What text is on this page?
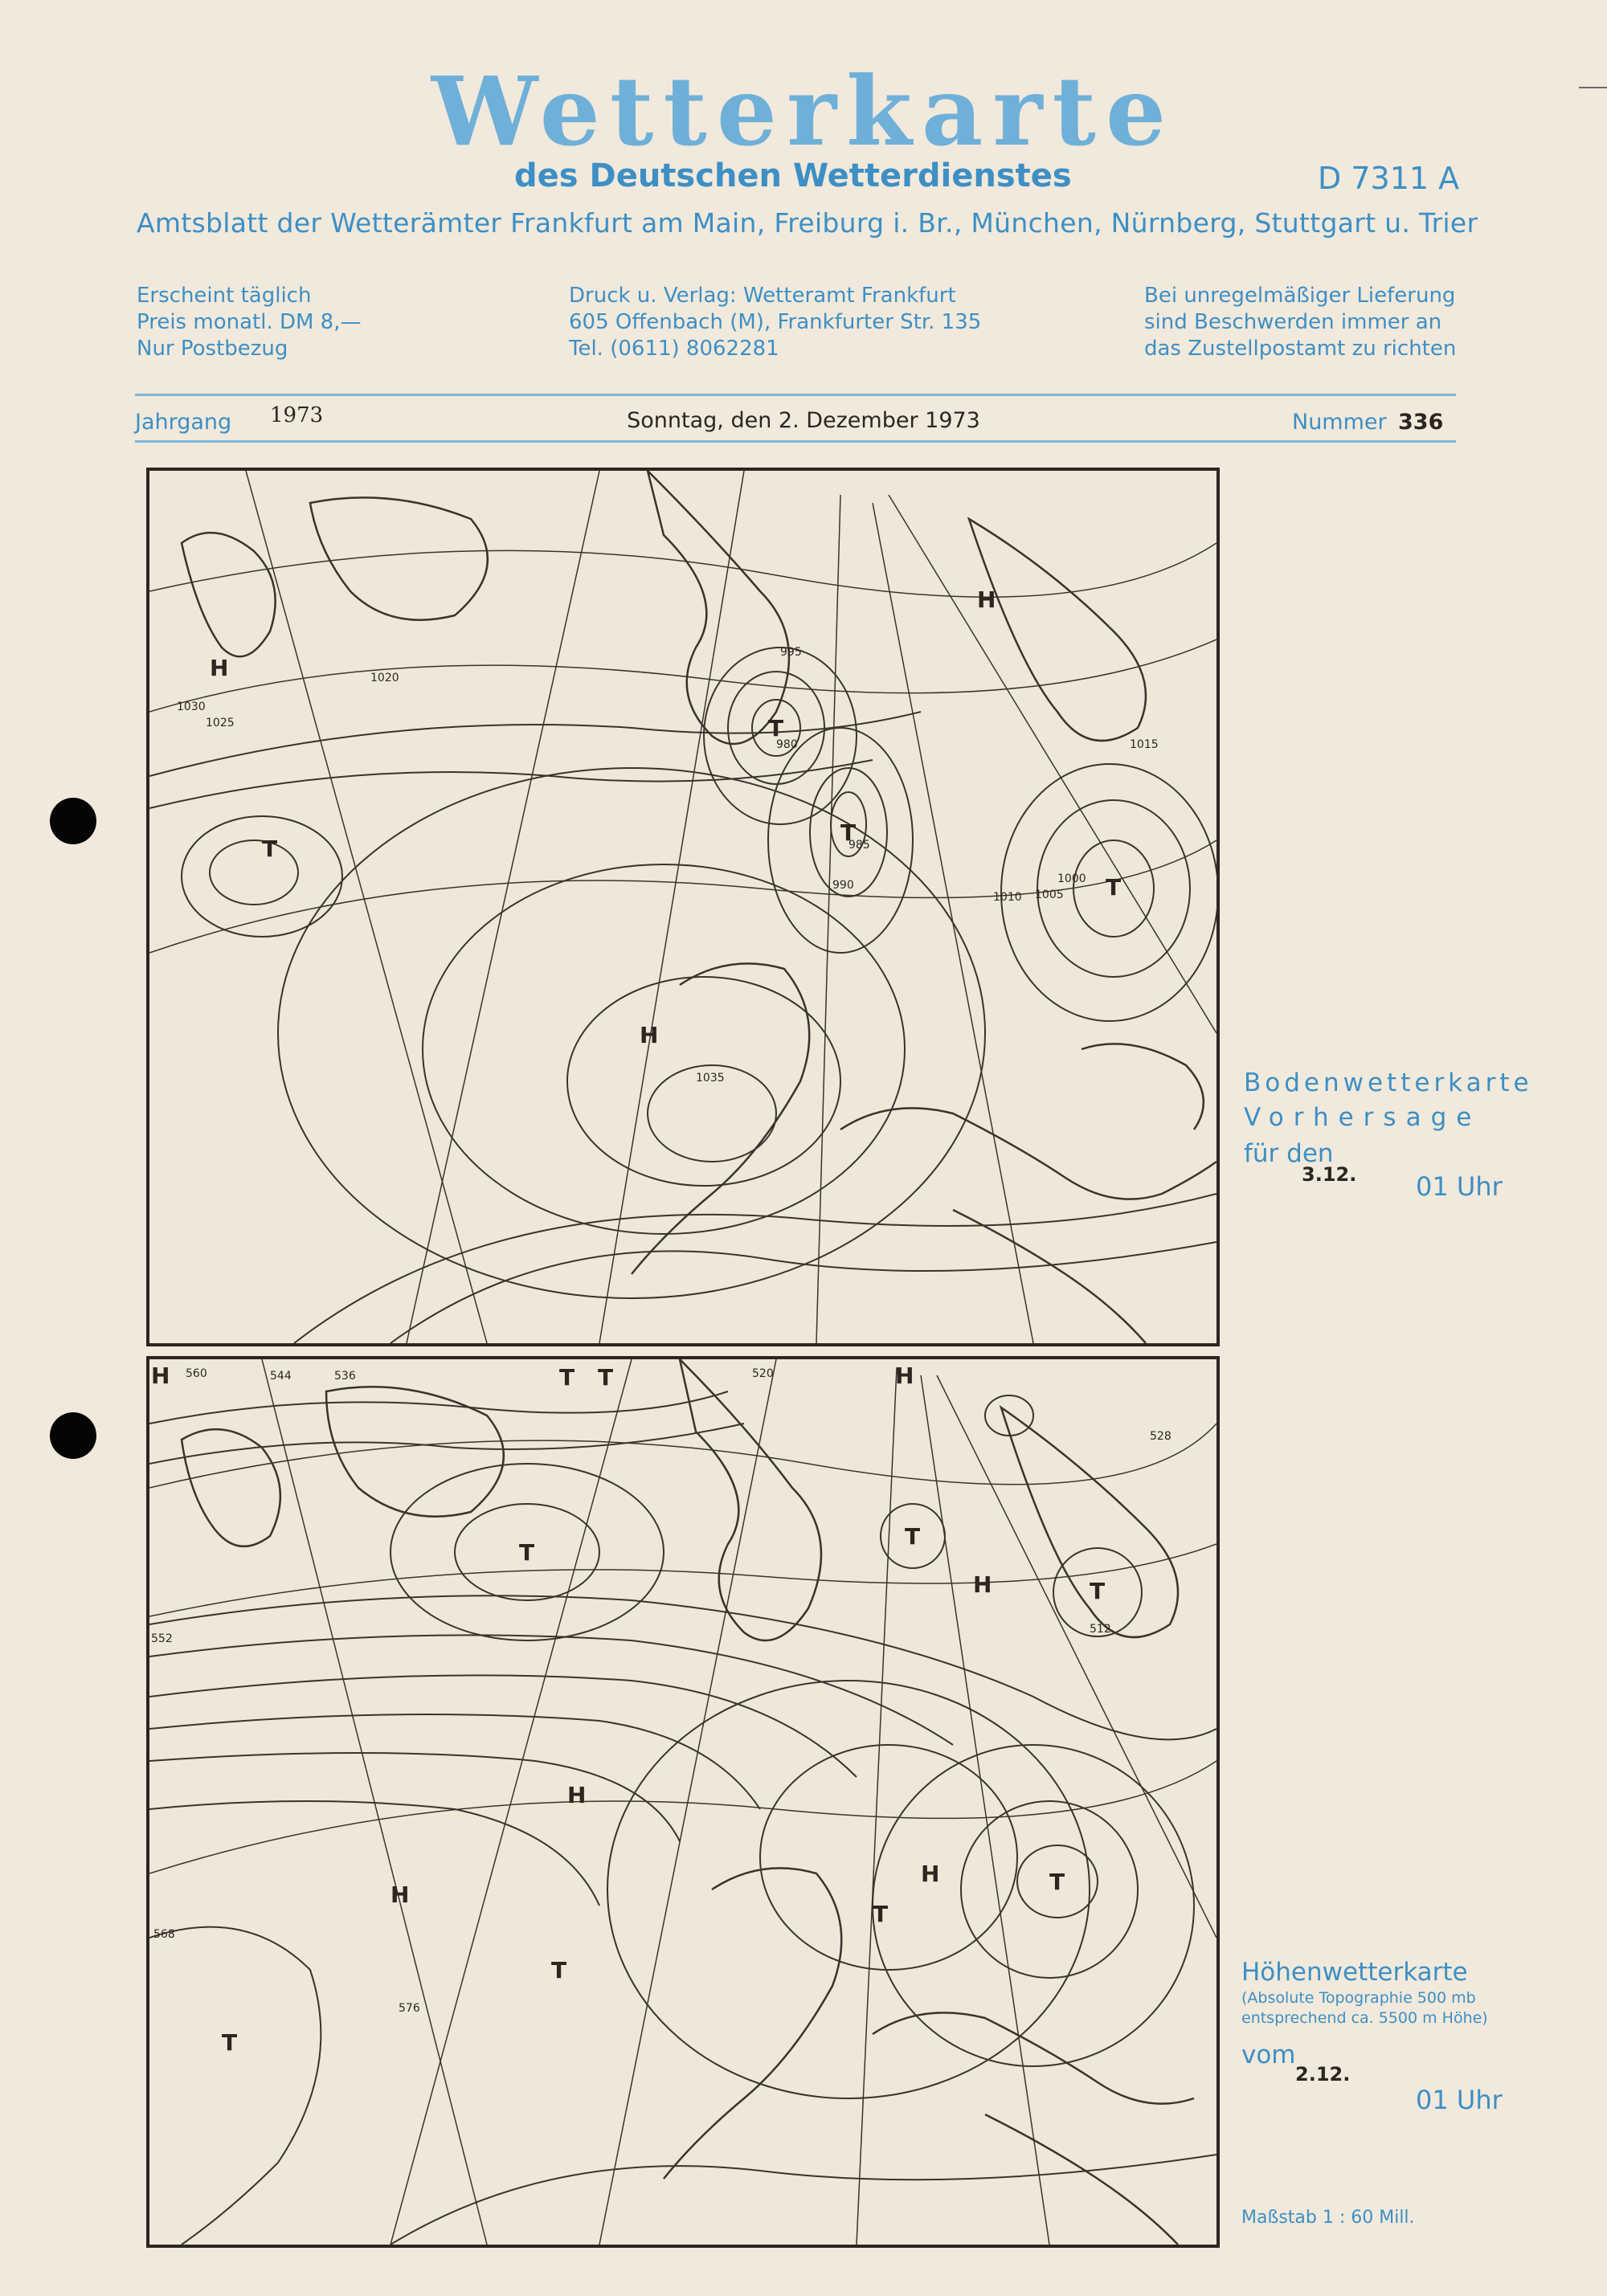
Wetterkarte
des Deutschen Wetterdienstes	D 7311 A
Amtsblatt der Wetterämter Frankfurt am Main, Freiburg i. Br., München, Nürnberg, Stuttgart u. Trier
Erscheint täglich
Preis monatl. DM 8,—
Nur Postbezug
Druck u. Verlag: Wetteramt Frankfurt
605 Offenbach (M), Frankfurter Str. 135
Tel. (0611) 8062281
Bei unregelmäßiger Lieferung
sind Beschwerden immer an
das Zustellpostamt zu richten
Jahrgang 1973	Sonntag, den 2. Dezember 1973	Nummer 336
H
H
H
T
T
T
T
1030
1025
1020
1015
1010 1005
1000
995
990
985
980
1035	Bodenwetterkarte
Vorhersage
für den
3.12. 01 Uhr
H	H
H
H
H
H
T
T
T
T
T T
T
T
T
560
552
544	536
528
520
512
568
576
Höhenwetterkarte
(Absolute Topographie 500 mb
entsprechend ca. 5500 m Höhe)
vom
2.12.
01 Uhr
Maßstab 1 : 60 Mill.
